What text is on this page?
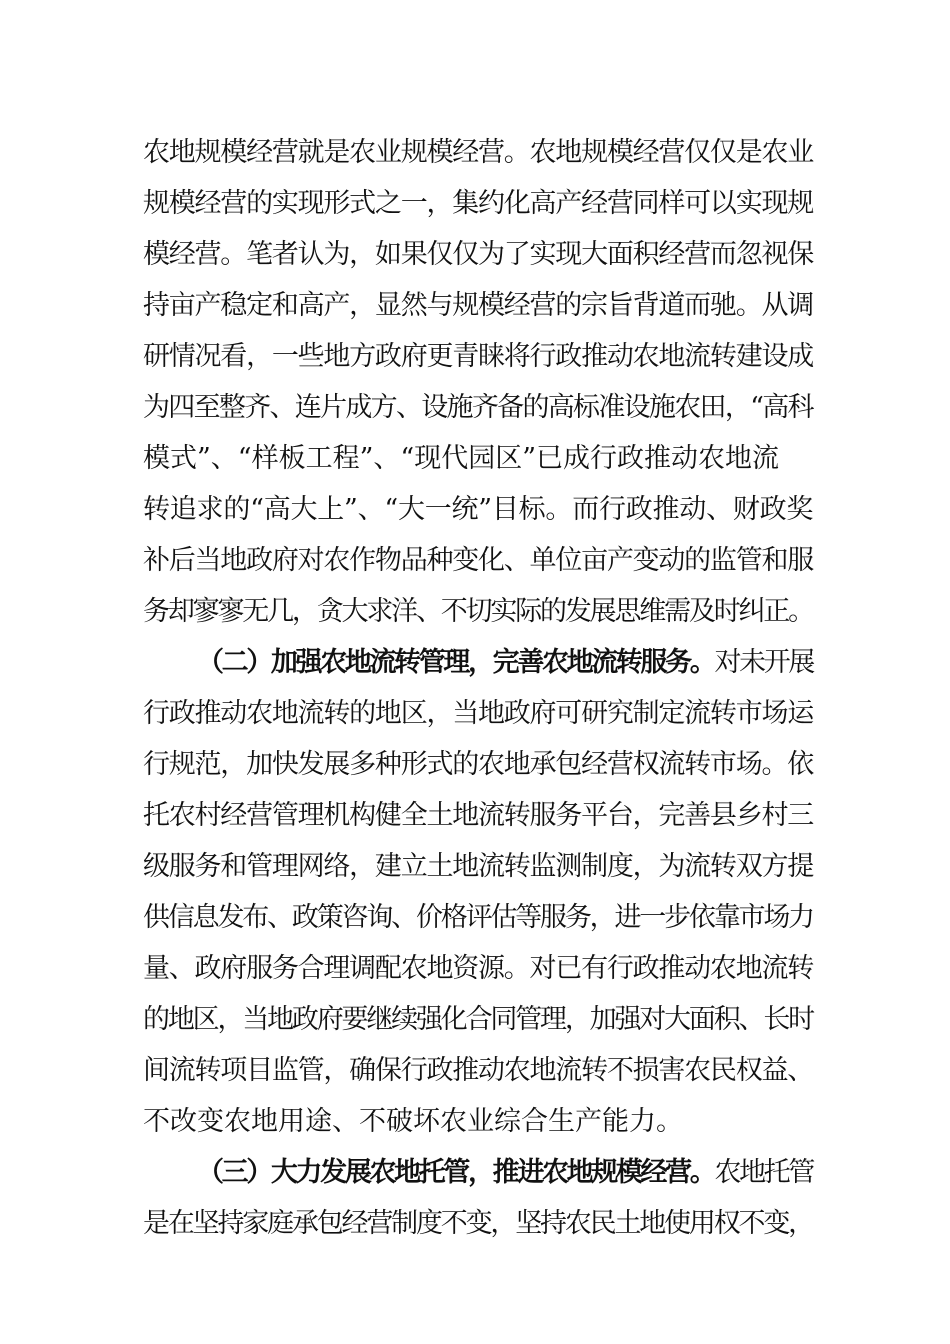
农地规模经营就是农业规模经营。农地规模经营仅仅是农业
规模经营的实现形式之一，集约化高产经营同样可以实现规
模经营。笔者认为，如果仅仅为了实现大面积经营而忽视保
持亩产稳定和高产，显然与规模经营的宗旨背道而驰。从调
研情况看，一些地方政府更青睐将行政推动农地流转建设成
为四至整齐、连片成方、设施齐备的高标准设施农田，“高科
模式”、“样板工程”、“现代园区”已成行政推动农地流
转追求的“高大上”、“大一统”目标。而行政推动、财政奖
补后当地政府对农作物品种变化、单位亩产变动的监管和服
务却寥寥无几，贪大求洋、不切实际的发展思维需及时纠正。
（二）加强农地流转管理，完善农地流转服务。对未开展
行政推动农地流转的地区，当地政府可研究制定流转市场运
行规范，加快发展多种形式的农地承包经营权流转市场。依
托农村经营管理机构健全土地流转服务平台，完善县乡村三
级服务和管理网络，建立土地流转监测制度，为流转双方提
供信息发布、政策咨询、价格评估等服务，进一步依靠市场力
量、政府服务合理调配农地资源。对已有行政推动农地流转
的地区，当地政府要继续强化合同管理，加强对大面积、长时
间流转项目监管，确保行政推动农地流转不损害农民权益、
不改变农地用途、不破坏农业综合生产能力。
（三）大力发展农地托管，推进农地规模经营。农地托管
是在坚持家庭承包经营制度不变，坚持农民土地使用权不变，
